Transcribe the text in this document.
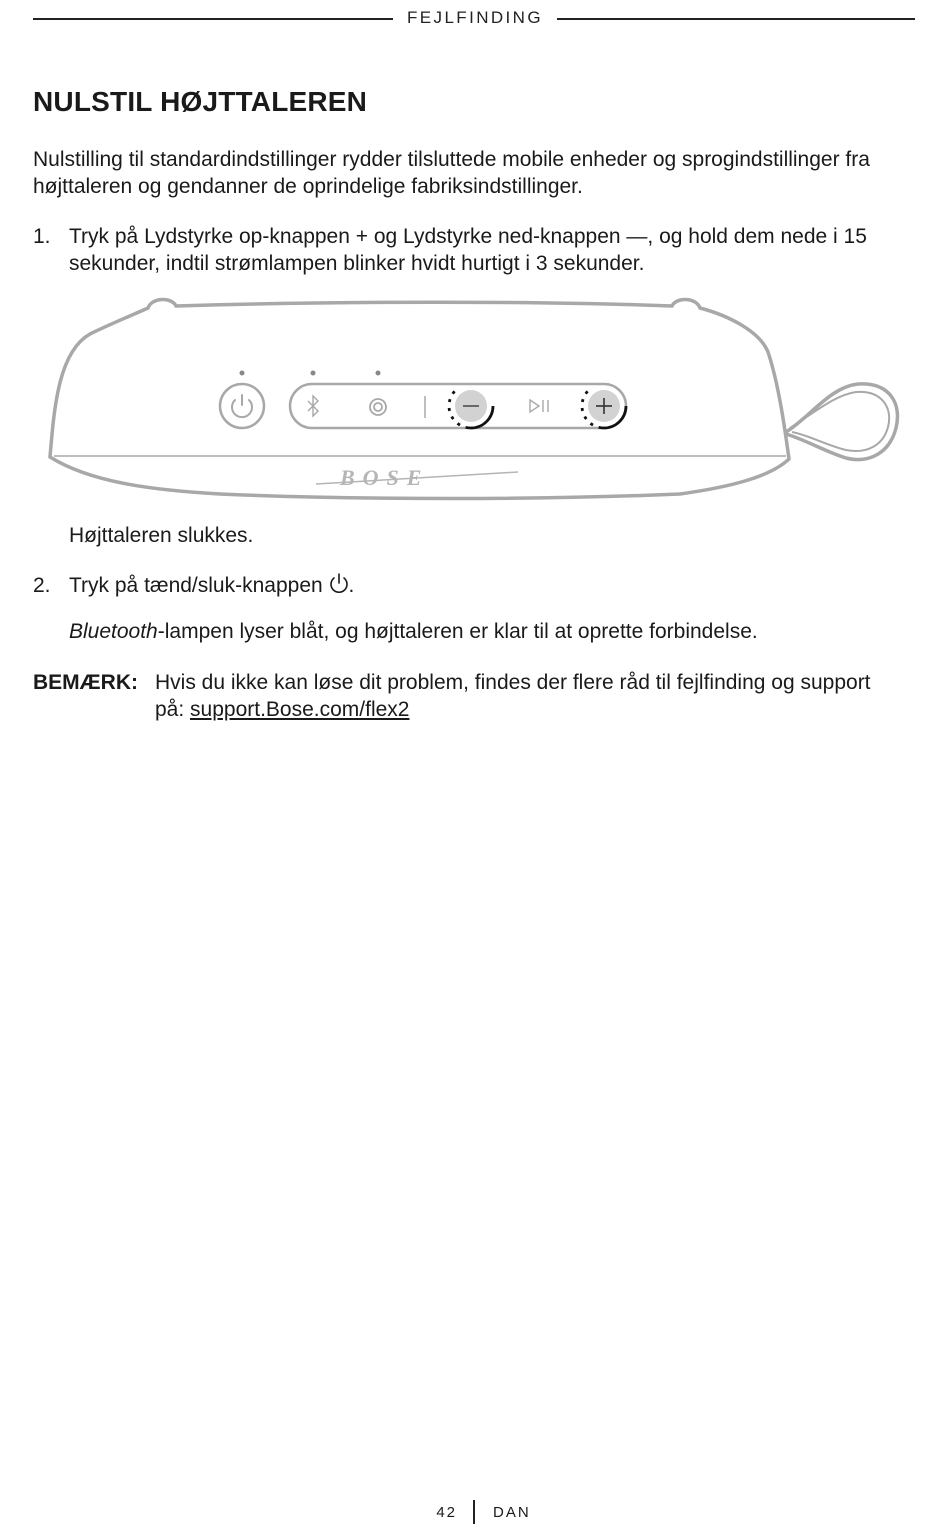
FEJLFINDING
NULSTIL HØJTTALEREN

Nulstilling til standardindstillinger rydder tilsluttede mobile enheder og sprogindstillinger fra højttaleren og gendanner de oprindelige fabriksindstillinger.

1. Tryk på Lydstyrke op-knappen + og Lydstyrke ned-knappen —, og hold dem nede i 15 sekunder, indtil strømlampen blinker hvidt hurtigt i 3 sekunder.
BOSE
Højttaleren slukkes.
2. Tryk på tænd/sluk-knappen .
Bluetooth-lampen lyser blåt, og højttaleren er klar til at oprette forbindelse.
BEMÆRK: Hvis du ikke kan løse dit problem, findes der flere råd til fejlfinding og support på: support.Bose.com/flex2
42 DAN
